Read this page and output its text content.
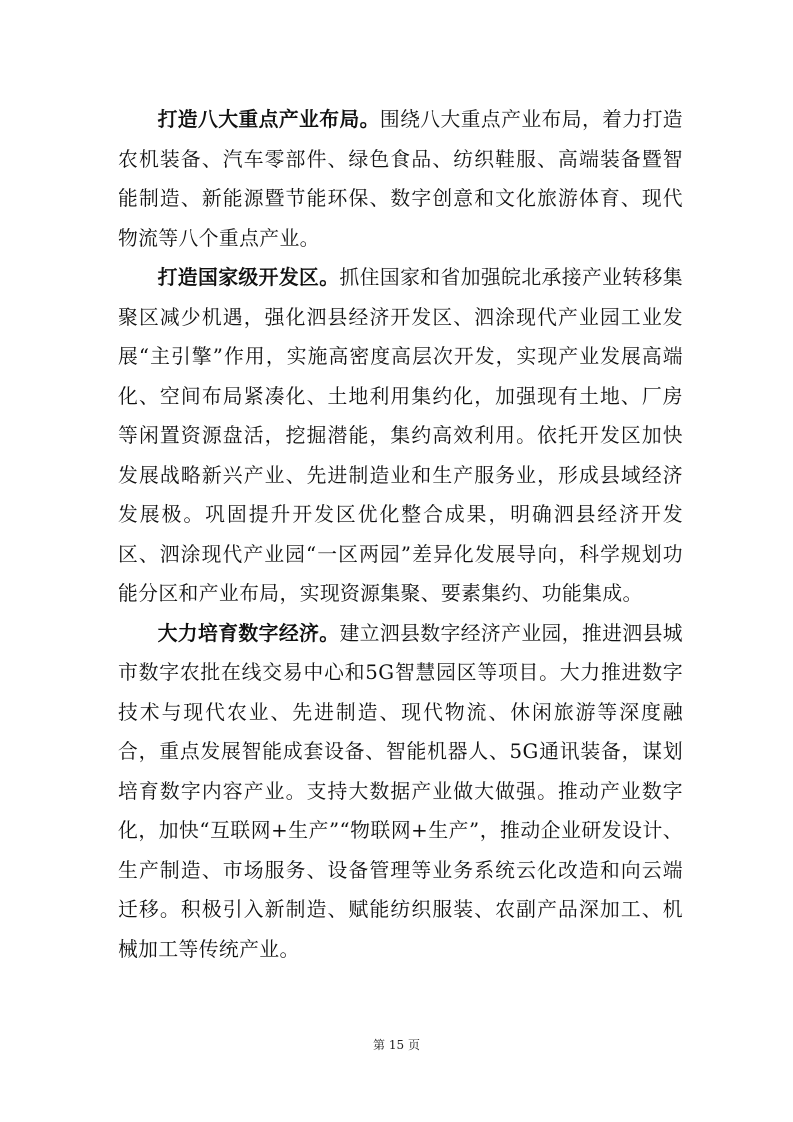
打造八大重点产业布局。围绕八大重点产业布局，着力打造农机装备、汽车零部件、绿色食品、纺织鞋服、高端装备暨智能制造、新能源暨节能环保、数字创意和文化旅游体育、现代物流等八个重点产业。

打造国家级开发区。抓住国家和省加强皖北承接产业转移集聚区减少机遇，强化泗县经济开发区、泗涂现代产业园工业发展“主引擎”作用，实施高密度高层次开发，实现产业发展高端化、空间布局紧凑化、土地利用集约化，加强现有土地、厂房等闲置资源盘活，挖掘潜能，集约高效利用。依托开发区加快发展战略新兴产业、先进制造业和生产服务业，形成县域经济发展极。巩固提升开发区优化整合成果，明确泗县经济开发区、泗涂现代产业园“一区两园”差异化发展导向，科学规划功能分区和产业布局，实现资源集聚、要素集约、功能集成。

大力培育数字经济。建立泗县数字经济产业园，推进泗县城市数字农批在线交易中心和5G智慧园区等项目。大力推进数字技术与现代农业、先进制造、现代物流、休闲旅游等深度融合，重点发展智能成套设备、智能机器人、5G通讯装备，谋划培育数字内容产业。支持大数据产业做大做强。推动产业数字化，加快“互联网+生产”“物联网+生产”，推动企业研发设计、生产制造、市场服务、设备管理等业务系统云化改造和向云端迁移。积极引入新制造、赋能纺织服装、农副产品深加工、机械加工等传统产业。

第 15 页
